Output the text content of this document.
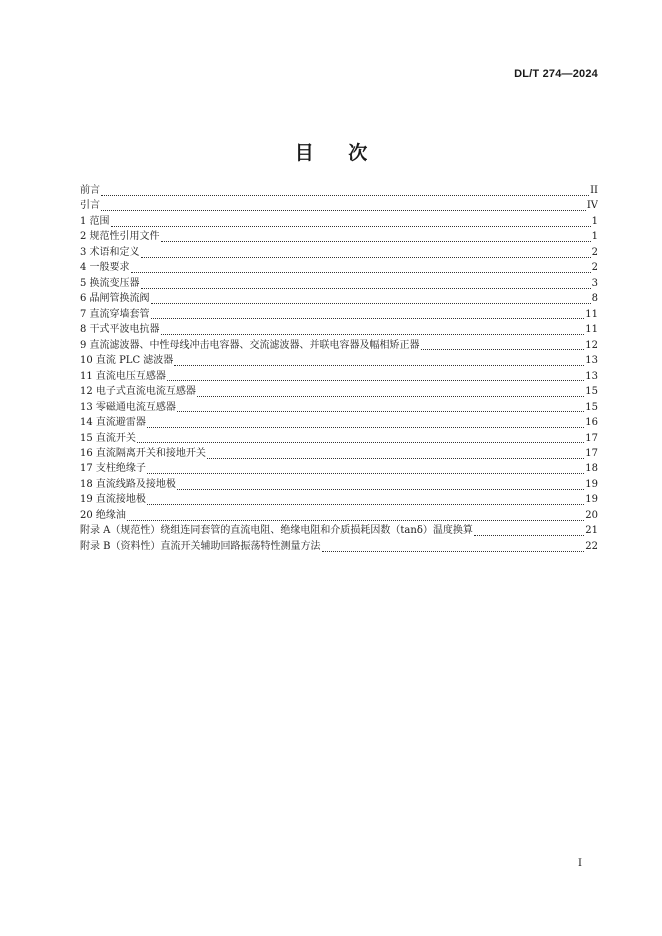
DL/T 274—2024
目 次
前言	II
引言	IV
1 范围	1
2 规范性引用文件	1
3 术语和定义	2
4 一般要求	2
5 换流变压器	3
6 晶闸管换流阀	8
7 直流穿墙套管	11
8 干式平波电抗器	11
9 直流滤波器、中性母线冲击电容器、交流滤波器、并联电容器及幅相矫正器	12
10 直流 PLC 滤波器	13
11 直流电压互感器	13
12 电子式直流电流互感器	15
13 零磁通电流互感器	15
14 直流避雷器	16
15 直流开关	17
16 直流隔离开关和接地开关	17
17 支柱绝缘子	18
18 直流线路及接地极	19
19 直流接地极	19
20 绝缘油	20
附录 A（规范性）绕组连同套管的直流电阻、绝缘电阻和介质损耗因数（tanδ）温度换算	21
附录 B（资料性）直流开关辅助回路振荡特性测量方法	22
I
